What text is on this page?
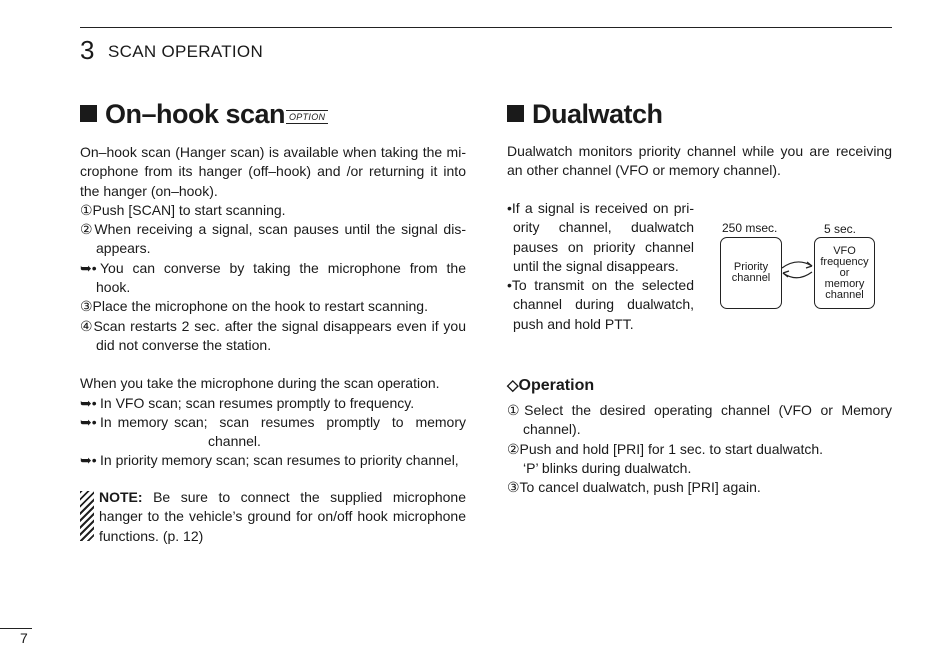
3 SCAN OPERATION
On–hook scan OPTION
On–hook scan (Hanger scan) is available when taking the mi-
crophone from its hanger (off–hook) and /or returning it into
the hanger (on–hook).
①Push [SCAN] to start scanning.
②When receiving a signal, scan pauses until the signal dis-
appears.
➥• You can converse by taking the microphone from the
hook.
③Place the microphone on the hook to restart scanning.
④Scan restarts 2 sec. after the signal disappears even if you
did not converse the station.
When you take the microphone during the scan operation.
➥• In VFO scan; scan resumes promptly to frequency.
➥• In memory scan;  scan  resumes  promptly  to  memory
channel.
➥• In priority memory scan; scan resumes to priority channel,
NOTE: Be sure to connect the supplied microphone
hanger to the vehicle’s ground for on/off hook microphone
functions. (p. 12)
Dualwatch
Dualwatch monitors priority channel while you are receiving
an other channel (VFO or memory channel).
•If a signal is received on pri-
ority channel, dualwatch
pauses on priority channel
until the signal disappears.
•To transmit on the selected
channel during dualwatch,
push and hold PTT.
250 msec.	5 sec.
Priority
channel
VFO
frequency
or
memory
channel
◇Operation
①Select the desired operating channel (VFO or Memory
channel).
②Push and hold [PRI] for 1 sec. to start dualwatch.
‘P’ blinks during dualwatch.
③To cancel dualwatch, push [PRI] again.
7
